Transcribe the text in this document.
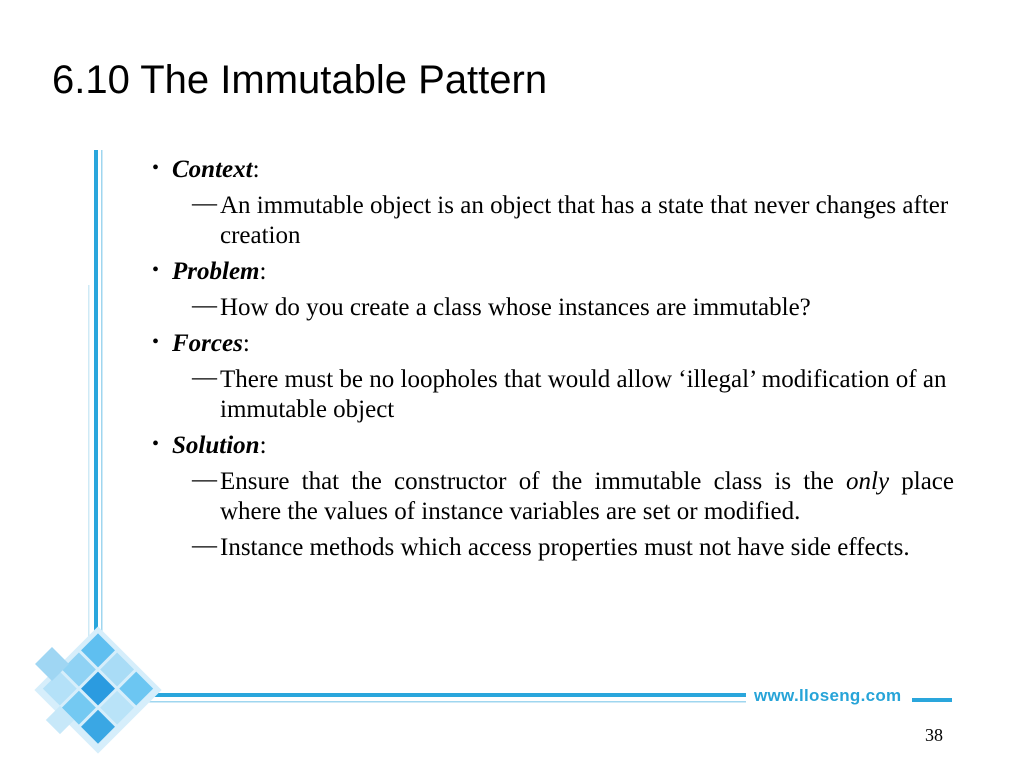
6.10 The Immutable Pattern
• Context:
— An immutable object is an object that has a state that never changes after creation
• Problem:
— How do you create a class whose instances are immutable?
• Forces:
— There must be no loopholes that would allow ‘illegal’ modification of an immutable object
• Solution:
— Ensure that the constructor of the immutable class is the only place where the values of instance variables are set or modified.
— Instance methods which access properties must not have side effects.
www.lloseng.com
38
